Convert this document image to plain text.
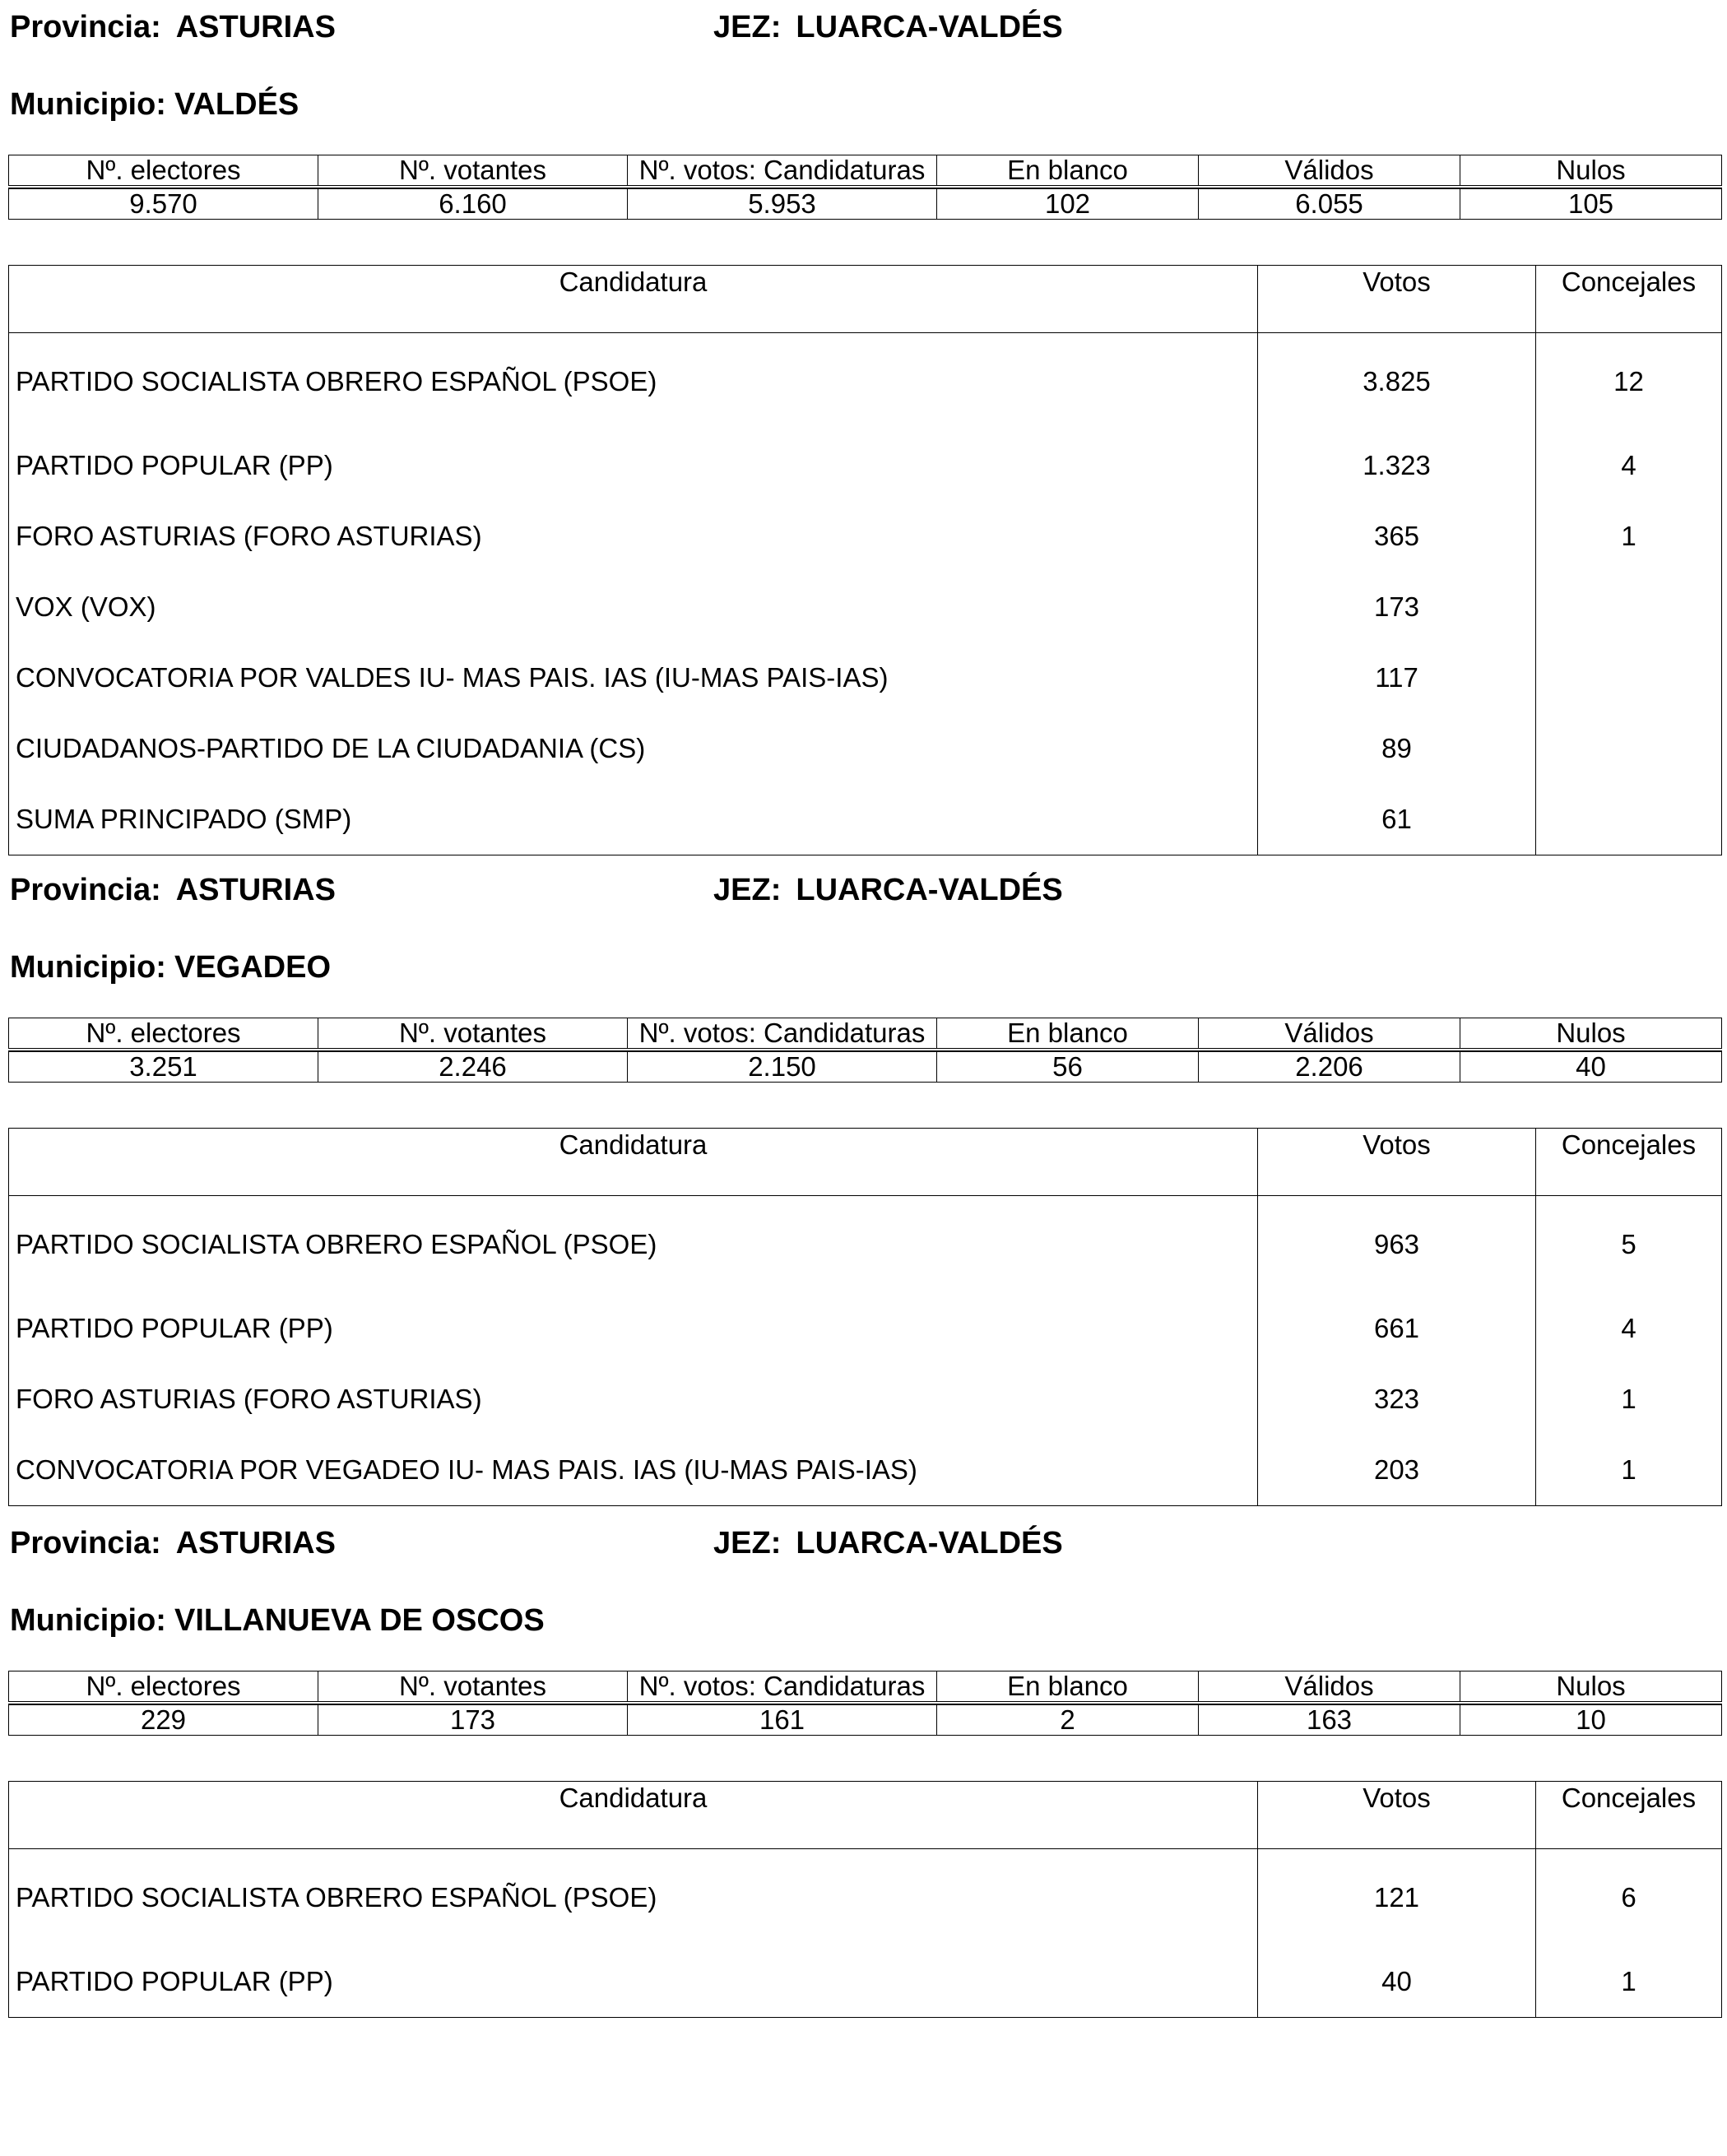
Provincia: ASTURIAS	JEZ: LUARCA-VALDÉS
Municipio: VALDÉS
Nº. electores	Nº. votantes	Nº. votos: Candidaturas	En blanco	Válidos	Nulos

9.570	6.160	5.953	102	6.055	105
Candidatura	Votos	Concejales
PARTIDO SOCIALISTA OBRERO ESPAÑOL (PSOE)	3.825	12
PARTIDO POPULAR (PP)	1.323	4
FORO ASTURIAS (FORO ASTURIAS)	365	1
VOX (VOX)	173	
CONVOCATORIA POR VALDES IU- MAS PAIS. IAS (IU-MAS PAIS-IAS)	117	
CIUDADANOS-PARTIDO DE LA CIUDADANIA (CS)	89	
SUMA PRINCIPADO (SMP)	61	
Provincia: ASTURIAS	JEZ: LUARCA-VALDÉS
Municipio: VEGADEO
Nº. electores	Nº. votantes	Nº. votos: Candidaturas	En blanco	Válidos	Nulos

3.251	2.246	2.150	56	2.206	40
Candidatura	Votos	Concejales
PARTIDO SOCIALISTA OBRERO ESPAÑOL (PSOE)	963	5
PARTIDO POPULAR (PP)	661	4
FORO ASTURIAS (FORO ASTURIAS)	323	1
CONVOCATORIA POR VEGADEO IU- MAS PAIS. IAS (IU-MAS PAIS-IAS)	203	1
Provincia: ASTURIAS	JEZ: LUARCA-VALDÉS
Municipio: VILLANUEVA DE OSCOS
Nº. electores	Nº. votantes	Nº. votos: Candidaturas	En blanco	Válidos	Nulos

229	173	161	2	163	10
Candidatura	Votos	Concejales
PARTIDO SOCIALISTA OBRERO ESPAÑOL (PSOE)	121	6
PARTIDO POPULAR (PP)	40	1
